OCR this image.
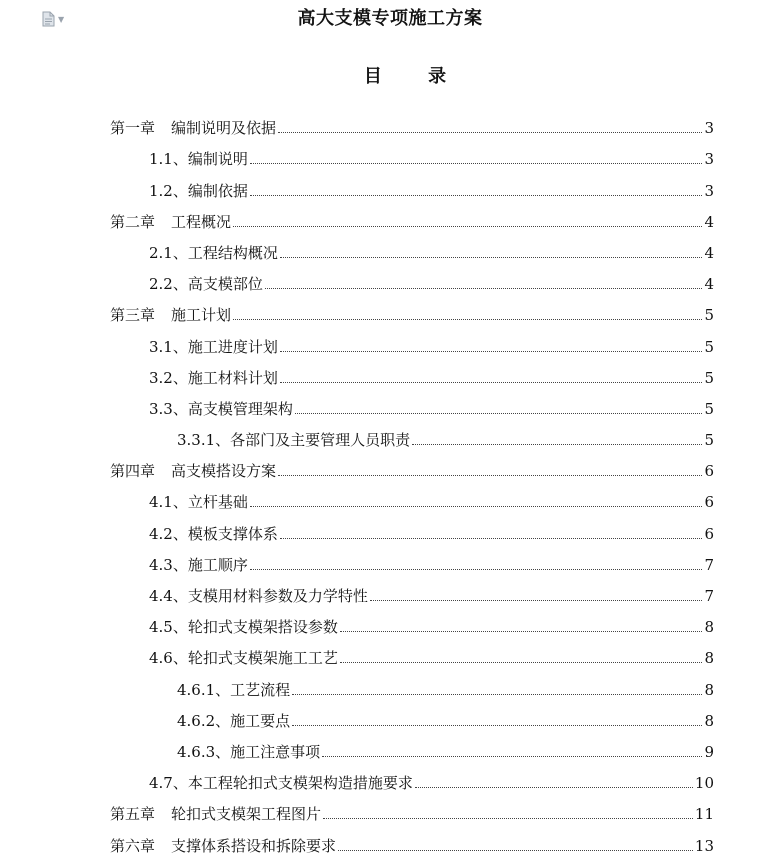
▼	高大支模专项施工方案
目 录
第一章 编制说明及依据	3
1.1、 编制说明	3
1.2、 编制依据	3
第二章 工程概况	4
2.1、 工程结构概况	4
2.2、 高支模部位	4
第三章 施工计划	5
3.1、 施工进度计划	5
3.2、 施工材料计划	5
3.3、 高支模管理架构	5
3.3.1、 各部门及主要管理人员职责	5
第四章 高支模搭设方案	6
4.1、 立杆基础	6
4.2、 模板支撑体系	6
4.3、 施工顺序	7
4.4、 支模用材料参数及力学特性	7
4.5、 轮扣式支模架搭设参数	8
4.6、 轮扣式支模架施工工艺	8
4.6.1、 工艺流程	8
4.6.2、 施工要点	8
4.6.3、 施工注意事项	9
4.7、 本工程轮扣式支模架构造措施要求	10
第五章 轮扣式支模架工程图片	11
第六章 支撑体系搭设和拆除要求	13
